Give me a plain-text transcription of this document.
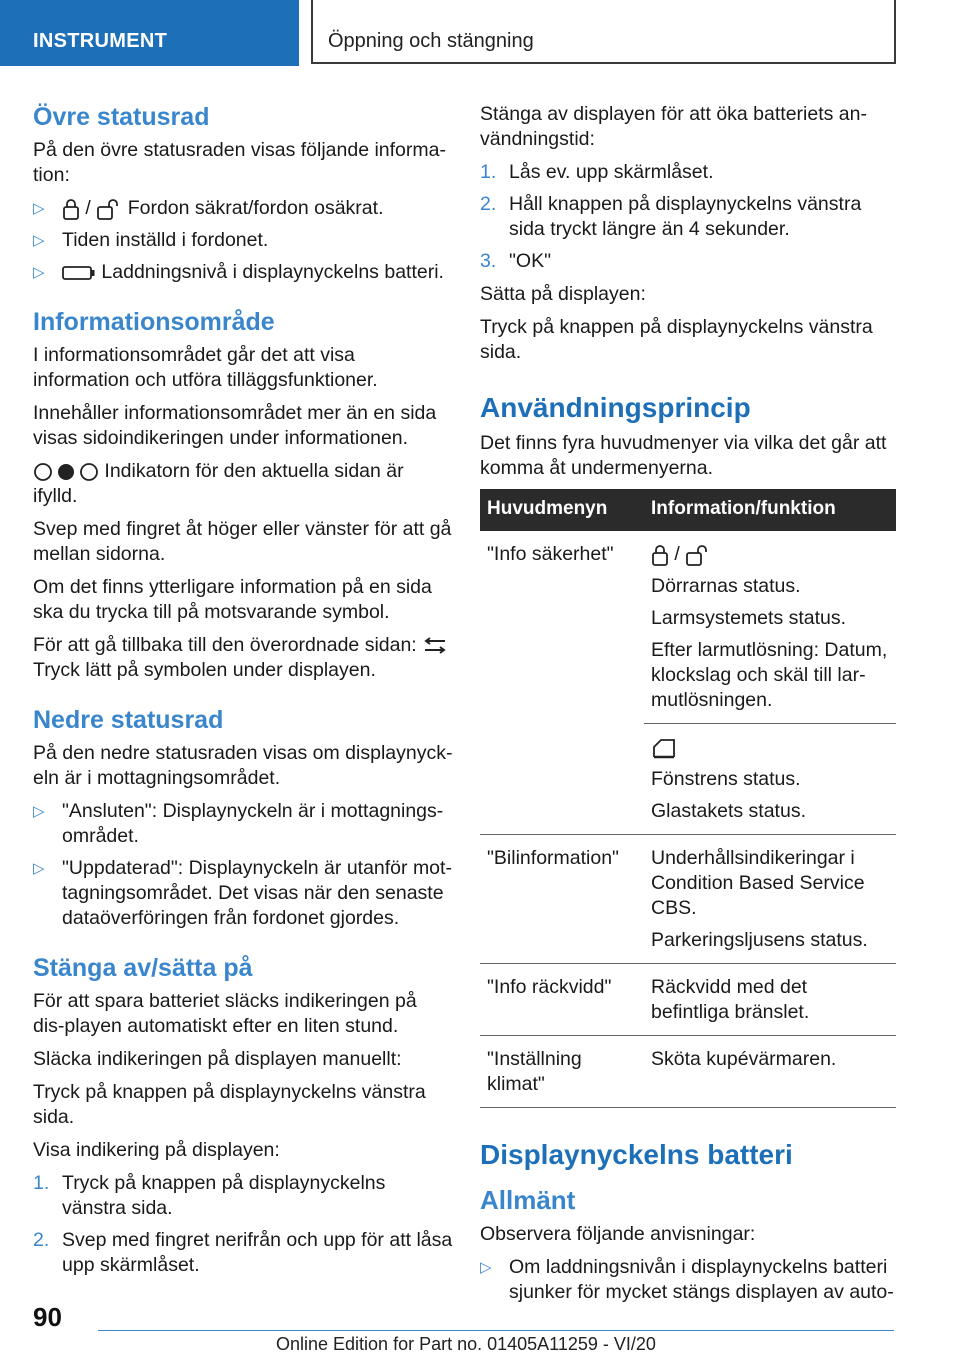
INSTRUMENT	Öppning och stängning
Övre statusrad

På den övre statusraden visas följande informa-tion:

▷ / Fordon säkrat/fordon osäkrat.
▷ Tiden inställd i fordonet.
▷	Laddningsnivå i displaynyckelns batteri.
Informationsområde

I informationsområdet går det att visa information och utföra tilläggsfunktioner.

Innehåller informationsområdet mer än en sida visas sidoindikeringen under informationen.

Indikatorn för den aktuella sidan är ifylld.

Svep med fingret åt höger eller vänster för att gå mellan sidorna.

Om det finns ytterligare information på en sida ska du trycka till på motsvarande symbol.

För att gå tillbaka till den överordnade sidan:
Tryck lätt på symbolen under displayen.

Nedre statusrad

På den nedre statusraden visas om displaynyck-eln är i mottagningsområdet.

▷ "Ansluten": Displaynyckeln är i mottagnings-området.
▷ "Uppdaterad": Displaynyckeln är utanför mot-tagningsområdet. Det visas när den senaste dataöverföringen från fordonet gjordes.
Stänga av/sätta på

För att spara batteriet släcks indikeringen på dis-playen automatiskt efter en liten stund.

Släcka indikeringen på displayen manuellt:

Tryck på knappen på displaynyckelns vänstra sida.

Visa indikering på displayen:

1. Tryck på knappen på displaynyckelns vänstra sida.
2. Svep med fingret nerifrån och upp för att låsa upp skärmlåset.

Stänga av displayen för att öka batteriets an-vändningstid:

1. Lås ev. upp skärmlåset.
2. Håll knappen på displaynyckelns vänstra sida tryckt längre än 4 sekunder.
3. "OK"

Sätta på displayen:

Tryck på knappen på displaynyckelns vänstra sida.

Användningsprincip

Det finns fyra huvudmenyer via vilka det går att komma åt undermenyerna.

Huvudmenyn	Information/funktion
"Info säkerhet"	/

Dörrarnas status.

Larmsystemets status.

Efter larmutlösning: Datum, klockslag och skäl till lar-mutlösningen.

	Fönstrens status.

Glastakets status.

"Bilinformation"	Underhållsindikeringar i Condition Based Service CBS.

Parkeringsljusens status.

"Info räckvidd"	Räckvidd med det befintliga bränslet.
"Inställning klimat"	Sköta kupévärmaren.
Displaynyckelns batteri
Allmänt

Observera följande anvisningar:

▷ Om laddningsnivån i displaynyckelns batteri sjunker för mycket stängs displayen av auto-
90
Online Edition for Part no. 01405A11259 - VI/20
